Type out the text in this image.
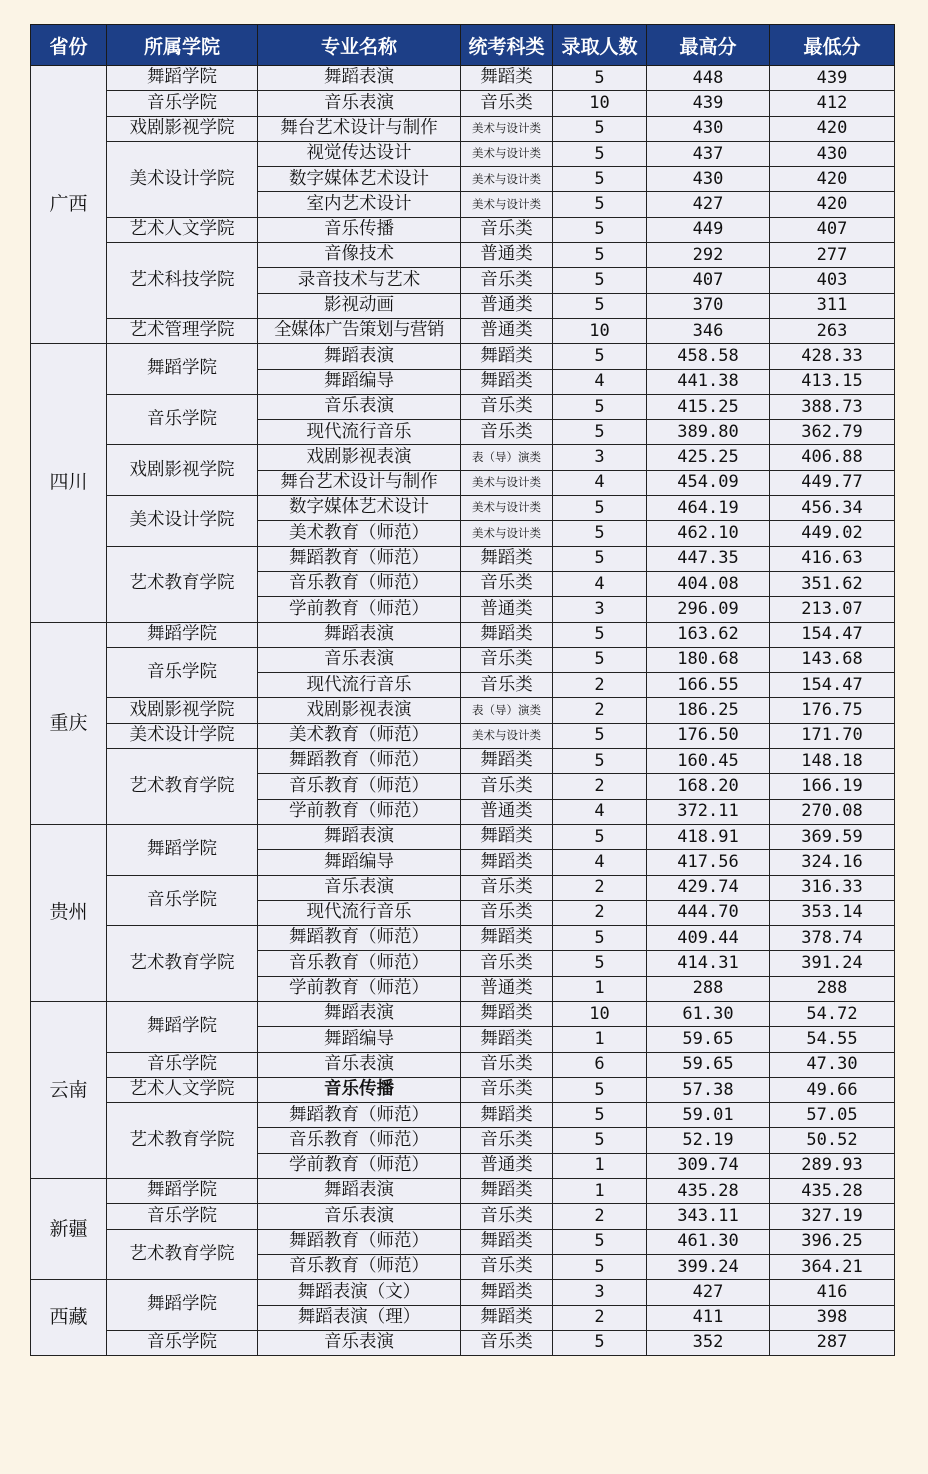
省份	所属学院	专业名称	统考科类	录取人数	最高分	最低分
广西	舞蹈学院	舞蹈表演	舞蹈类	5	448	439
	音乐学院	音乐表演	音乐类	10	439	412
	戏剧影视学院	舞台艺术设计与制作	美术与设计类	5	430	420
	美术设计学院	视觉传达设计	美术与设计类	5	437	430
		数字媒体艺术设计	美术与设计类	5	430	420
		室内艺术设计	美术与设计类	5	427	420
	艺术人文学院	音乐传播	音乐类	5	449	407
	艺术科技学院	音像技术	普通类	5	292	277
		录音技术与艺术	音乐类	5	407	403
		影视动画	普通类	5	370	311
	艺术管理学院	全媒体广告策划与营销	普通类	10	346	263
四川	舞蹈学院	舞蹈表演	舞蹈类	5	458.58	428.33
		舞蹈编导	舞蹈类	4	441.38	413.15
	音乐学院	音乐表演	音乐类	5	415.25	388.73
		现代流行音乐	音乐类	5	389.80	362.79
	戏剧影视学院	戏剧影视表演	表（导）演类	3	425.25	406.88
		舞台艺术设计与制作	美术与设计类	4	454.09	449.77
	美术设计学院	数字媒体艺术设计	美术与设计类	5	464.19	456.34
		美术教育（师范）	美术与设计类	5	462.10	449.02
	艺术教育学院	舞蹈教育（师范）	舞蹈类	5	447.35	416.63
		音乐教育（师范）	音乐类	4	404.08	351.62
		学前教育（师范）	普通类	3	296.09	213.07
重庆	舞蹈学院	舞蹈表演	舞蹈类	5	163.62	154.47
	音乐学院	音乐表演	音乐类	5	180.68	143.68
		现代流行音乐	音乐类	2	166.55	154.47
	戏剧影视学院	戏剧影视表演	表（导）演类	2	186.25	176.75
	美术设计学院	美术教育（师范）	美术与设计类	5	176.50	171.70
	艺术教育学院	舞蹈教育（师范）	舞蹈类	5	160.45	148.18
		音乐教育（师范）	音乐类	2	168.20	166.19
		学前教育（师范）	普通类	4	372.11	270.08
贵州	舞蹈学院	舞蹈表演	舞蹈类	5	418.91	369.59
		舞蹈编导	舞蹈类	4	417.56	324.16
	音乐学院	音乐表演	音乐类	2	429.74	316.33
		现代流行音乐	音乐类	2	444.70	353.14
	艺术教育学院	舞蹈教育（师范）	舞蹈类	5	409.44	378.74
		音乐教育（师范）	音乐类	5	414.31	391.24
		学前教育（师范）	普通类	1	288	288
云南	舞蹈学院	舞蹈表演	舞蹈类	10	61.30	54.72
		舞蹈编导	舞蹈类	1	59.65	54.55
	音乐学院	音乐表演	音乐类	6	59.65	47.30
	艺术人文学院	音乐传播	音乐类	5	57.38	49.66
	艺术教育学院	舞蹈教育（师范）	舞蹈类	5	59.01	57.05
		音乐教育（师范）	音乐类	5	52.19	50.52
		学前教育（师范）	普通类	1	309.74	289.93
新疆	舞蹈学院	舞蹈表演	舞蹈类	1	435.28	435.28
	音乐学院	音乐表演	音乐类	2	343.11	327.19
	艺术教育学院	舞蹈教育（师范）	舞蹈类	5	461.30	396.25
		音乐教育（师范）	音乐类	5	399.24	364.21
西藏	舞蹈学院	舞蹈表演（文）	舞蹈类	3	427	416
		舞蹈表演（理）	舞蹈类	2	411	398
	音乐学院	音乐表演	音乐类	5	352	287
